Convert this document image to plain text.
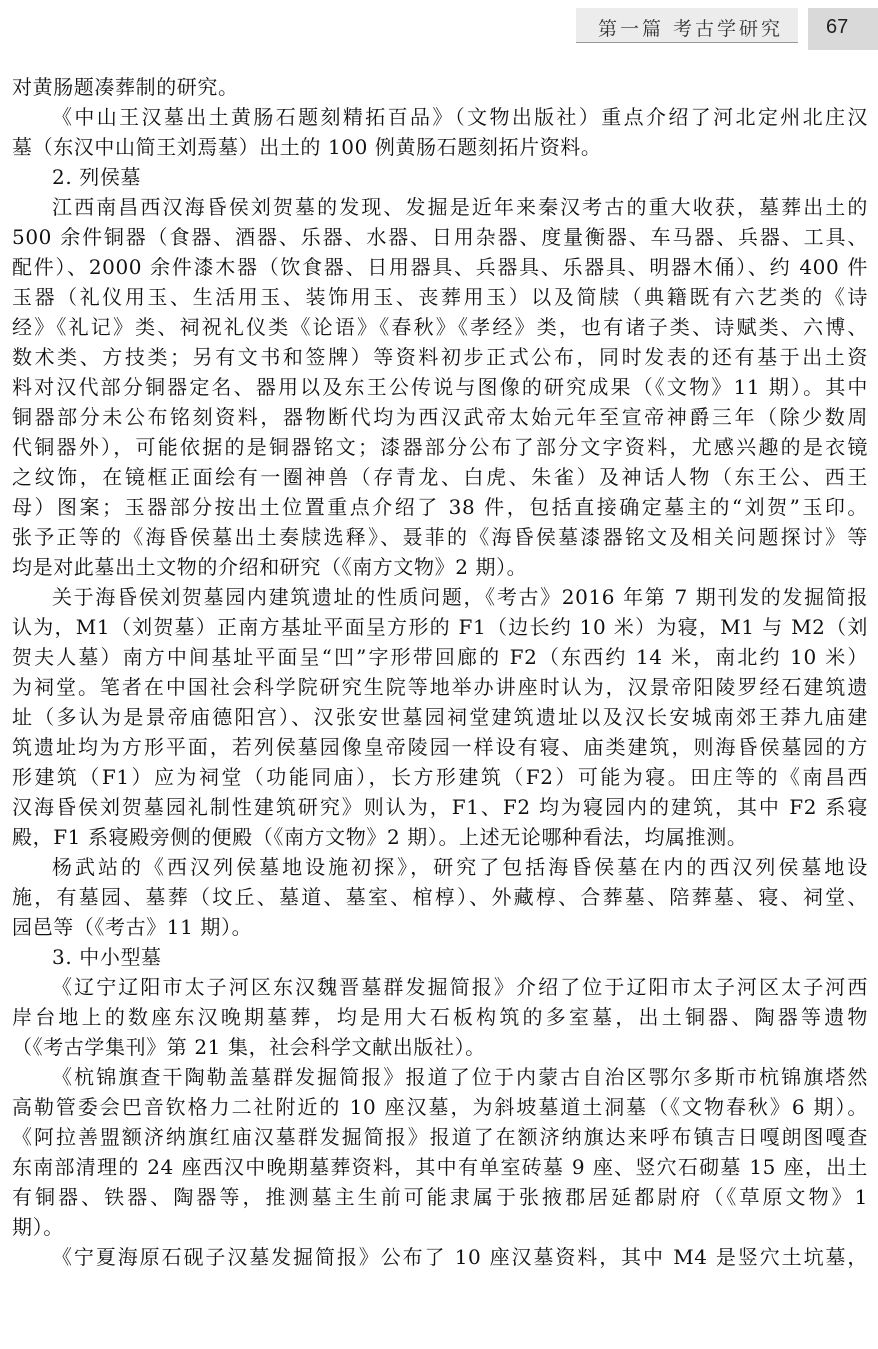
第一篇 考古学研究 67
对黄肠题凑葬制的研究。
《中山王汉墓出土黄肠石题刻精拓百品》（文物出版社）重点介绍了河北定州北庄汉
墓（东汉中山简王刘焉墓）出土的 100 例黄肠石题刻拓片资料。
2. 列侯墓
江西南昌西汉海昏侯刘贺墓的发现、发掘是近年来秦汉考古的重大收获，墓葬出土的
500 余件铜器（食器、酒器、乐器、水器、日用杂器、度量衡器、车马器、兵器、工具、
配件）、2000 余件漆木器（饮食器、日用器具、兵器具、乐器具、明器木俑）、约 400 件
玉器（礼仪用玉、生活用玉、装饰用玉、丧葬用玉）以及简牍（典籍既有六艺类的《诗
经》《礼记》类、祠祝礼仪类《论语》《春秋》《孝经》类，也有诸子类、诗赋类、六博、
数术类、方技类；另有文书和签牌）等资料初步正式公布，同时发表的还有基于出土资
料对汉代部分铜器定名、器用以及东王公传说与图像的研究成果（《文物》11 期）。其中
铜器部分未公布铭刻资料，器物断代均为西汉武帝太始元年至宣帝神爵三年（除少数周
代铜器外），可能依据的是铜器铭文；漆器部分公布了部分文字资料，尤感兴趣的是衣镜
之纹饰，在镜框正面绘有一圈神兽（存青龙、白虎、朱雀）及神话人物（东王公、西王
母）图案；玉器部分按出土位置重点介绍了 38 件，包括直接确定墓主的“刘贺”玉印。
张予正等的《海昏侯墓出土奏牍选释》、聂菲的《海昏侯墓漆器铭文及相关问题探讨》等
均是对此墓出土文物的介绍和研究（《南方文物》2 期）。
关于海昏侯刘贺墓园内建筑遗址的性质问题，《考古》2016 年第 7 期刊发的发掘简报
认为，M1（刘贺墓）正南方基址平面呈方形的 F1（边长约 10 米）为寝，M1 与 M2（刘
贺夫人墓）南方中间基址平面呈“凹”字形带回廊的 F2（东西约 14 米，南北约 10 米）
为祠堂。笔者在中国社会科学院研究生院等地举办讲座时认为，汉景帝阳陵罗经石建筑遗
址（多认为是景帝庙德阳宫）、汉张安世墓园祠堂建筑遗址以及汉长安城南郊王莽九庙建
筑遗址均为方形平面，若列侯墓园像皇帝陵园一样设有寝、庙类建筑，则海昏侯墓园的方
形建筑（F1）应为祠堂（功能同庙），长方形建筑（F2）可能为寝。田庄等的《南昌西
汉海昏侯刘贺墓园礼制性建筑研究》则认为，F1、F2 均为寝园内的建筑，其中 F2 系寝
殿，F1 系寝殿旁侧的便殿（《南方文物》2 期）。上述无论哪种看法，均属推测。
杨武站的《西汉列侯墓地设施初探》，研究了包括海昏侯墓在内的西汉列侯墓地设
施，有墓园、墓葬（坟丘、墓道、墓室、棺椁）、外藏椁、合葬墓、陪葬墓、寝、祠堂、
园邑等（《考古》11 期）。
3. 中小型墓
《辽宁辽阳市太子河区东汉魏晋墓群发掘简报》介绍了位于辽阳市太子河区太子河西
岸台地上的数座东汉晚期墓葬，均是用大石板构筑的多室墓，出土铜器、陶器等遗物
（《考古学集刊》第 21 集，社会科学文献出版社）。
《杭锦旗查干陶勒盖墓群发掘简报》报道了位于内蒙古自治区鄂尔多斯市杭锦旗塔然
高勒管委会巴音钦格力二社附近的 10 座汉墓，为斜坡墓道土洞墓（《文物春秋》6 期）。
《阿拉善盟额济纳旗红庙汉墓群发掘简报》报道了在额济纳旗达来呼布镇吉日嘎朗图嘎查
东南部清理的 24 座西汉中晚期墓葬资料，其中有单室砖墓 9 座、竖穴石砌墓 15 座，出土
有铜器、铁器、陶器等，推测墓主生前可能隶属于张掖郡居延都尉府（《草原文物》1
期）。
《宁夏海原石砚子汉墓发掘简报》公布了 10 座汉墓资料，其中 M4 是竖穴土坑墓，
